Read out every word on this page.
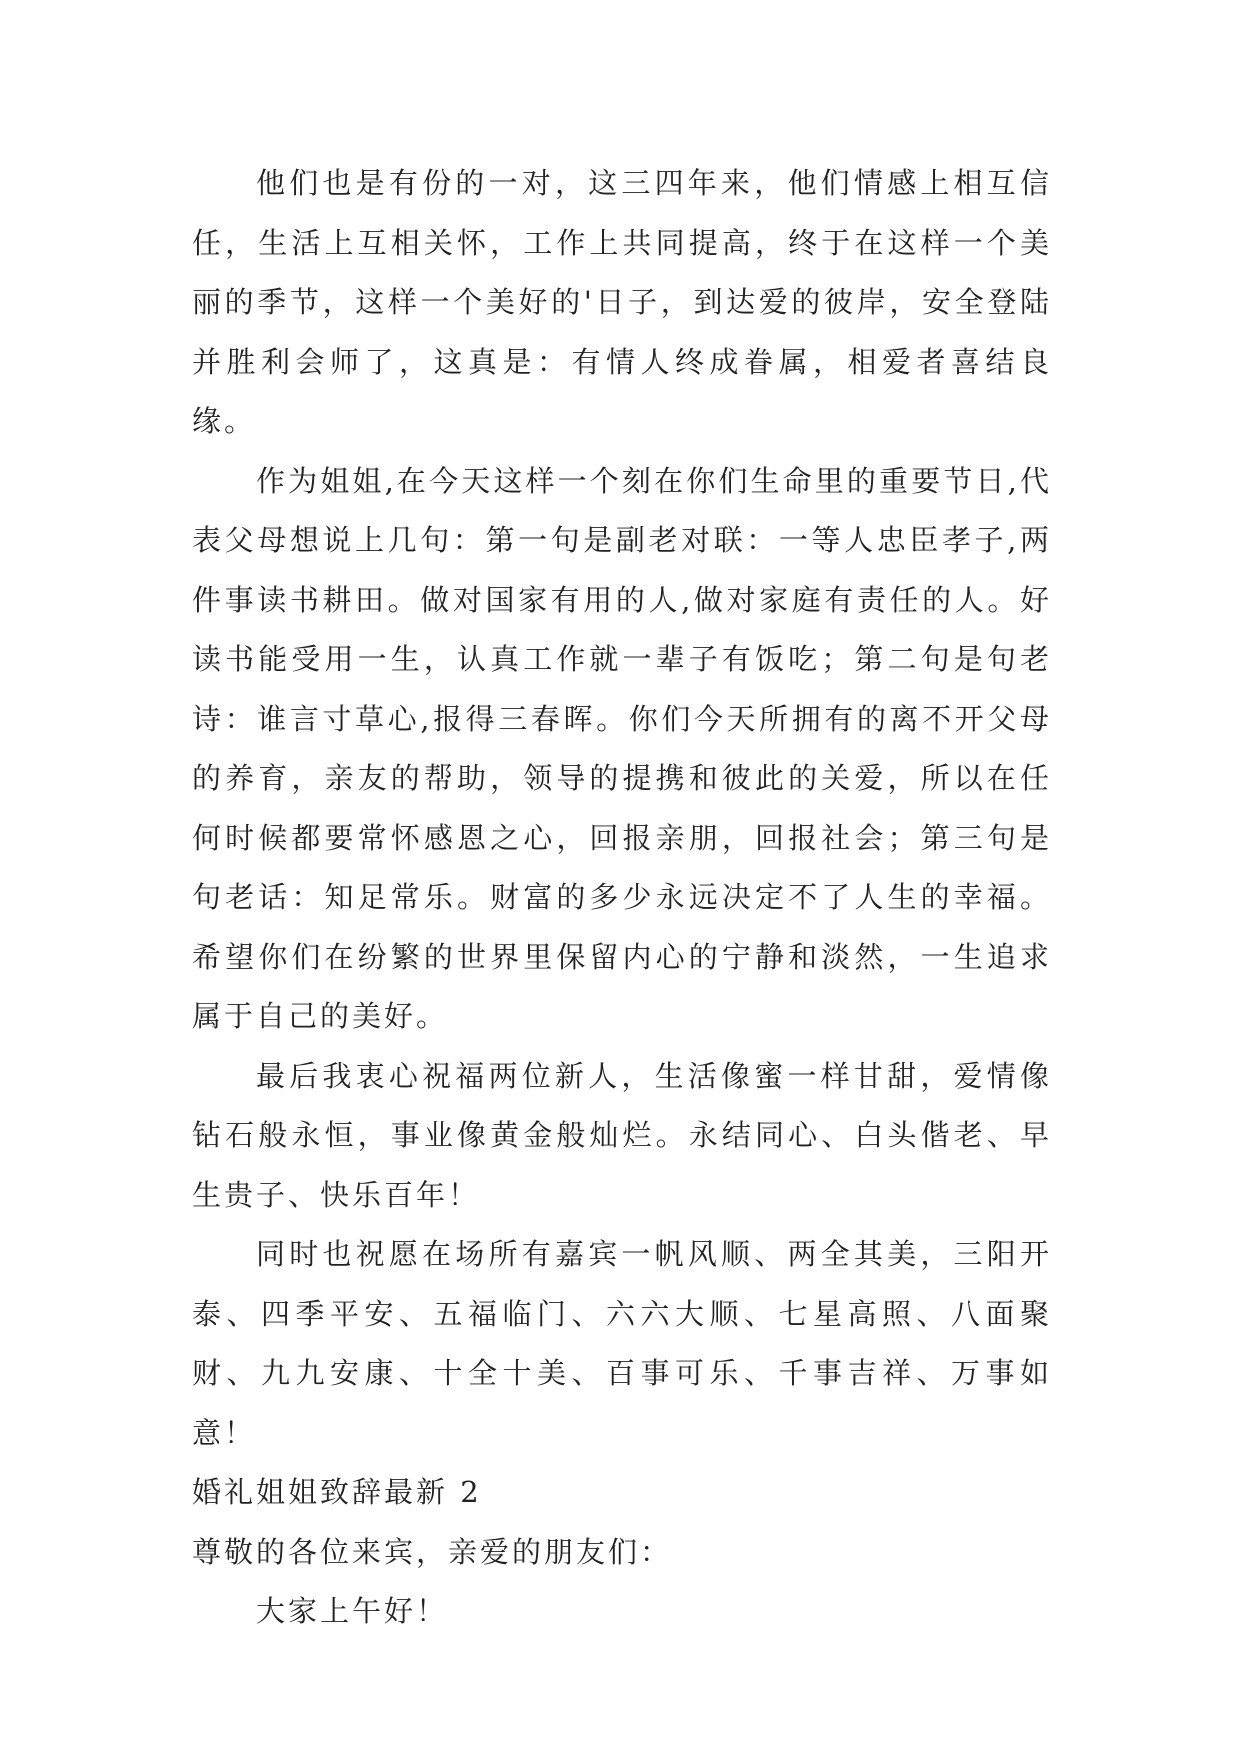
他们也是有份的一对，这三四年来，他们情感上相互信任，生活上互相关怀，工作上共同提高，终于在这样一个美丽的季节，这样一个美好的'日子，到达爱的彼岸，安全登陆并胜利会师了，这真是：有情人终成眷属，相爱者喜结良缘。

作为姐姐,在今天这样一个刻在你们生命里的重要节日,代表父母想说上几句：第一句是副老对联：一等人忠臣孝子,两件事读书耕田。做对国家有用的人,做对家庭有责任的人。好读书能受用一生，认真工作就一辈子有饭吃；第二句是句老诗：谁言寸草心,报得三春晖。你们今天所拥有的离不开父母的养育，亲友的帮助，领导的提携和彼此的关爱，所以在任何时候都要常怀感恩之心，回报亲朋，回报社会；第三句是句老话：知足常乐。财富的多少永远决定不了人生的幸福。希望你们在纷繁的世界里保留内心的宁静和淡然，一生追求属于自己的美好。

最后我衷心祝福两位新人，生活像蜜一样甘甜，爱情像钻石般永恒，事业像黄金般灿烂。永结同心、白头偕老、早生贵子、快乐百年！

同时也祝愿在场所有嘉宾一帆风顺、两全其美，三阳开泰、四季平安、五福临门、六六大顺、七星高照、八面聚财、九九安康、十全十美、百事可乐、千事吉祥、万事如意！

婚礼姐姐致辞最新 2

尊敬的各位来宾，亲爱的朋友们：

大家上午好！
